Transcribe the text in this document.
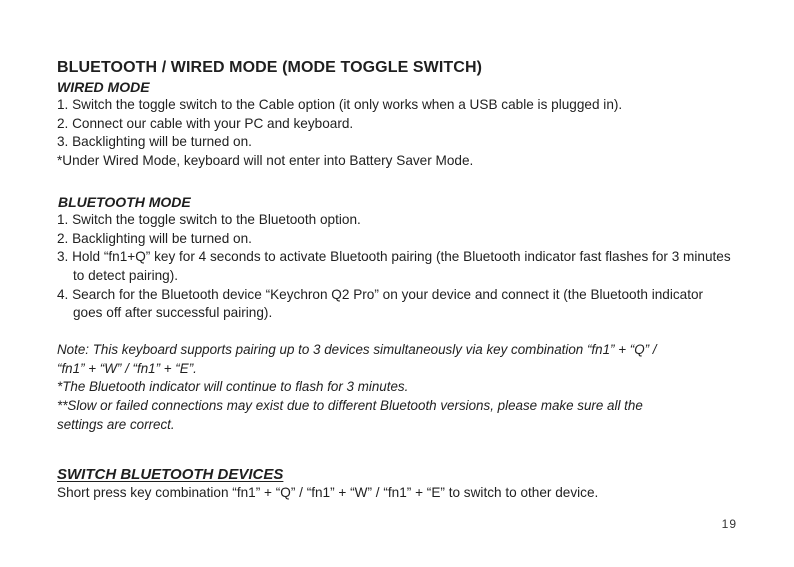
BLUETOOTH / WIRED MODE (MODE TOGGLE SWITCH)
WIRED MODE

1. Switch the toggle switch to the Cable option (it only works when a USB cable is plugged in).

2. Connect our cable with your PC and keyboard.

3. Backlighting will be turned on.

*Under Wired Mode, keyboard will not enter into Battery Saver Mode.

BLUETOOTH MODE

1. Switch the toggle switch to the Bluetooth option.

2. Backlighting will be turned on.

3. Hold “fn1+Q” key for 4 seconds to activate Bluetooth pairing (the Bluetooth indicator fast flashes for 3 minutes to detect pairing).

4. Search for the Bluetooth device “Keychron Q2 Pro” on your device and connect it (the Bluetooth indicator goes off after successful pairing).

Note: This keyboard supports pairing up to 3 devices simultaneously via key combination “fn1” + “Q” / “fn1” + “W” / “fn1” + “E”.

*The Bluetooth indicator will continue to flash for 3 minutes.

**Slow or failed connections may exist due to different Bluetooth versions, please make sure all the settings are correct.

SWITCH BLUETOOTH DEVICES

Short press key combination “fn1” + “Q” / “fn1” + “W” / “fn1” + “E” to switch to other device.

19
